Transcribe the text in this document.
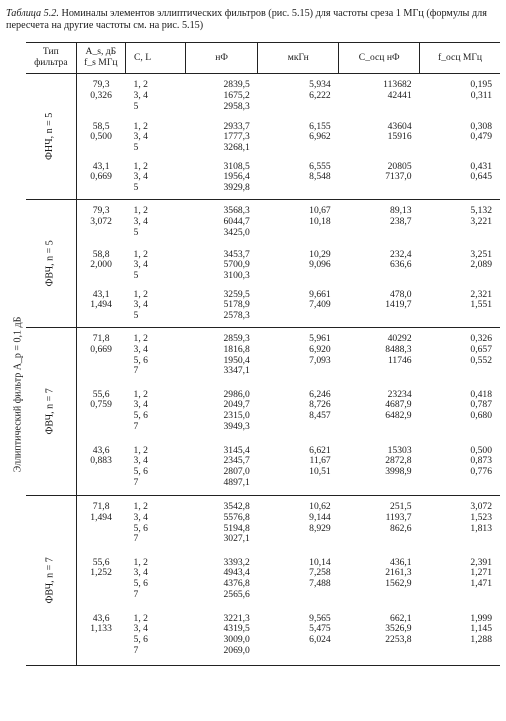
Таблица 5.2. Номиналы элементов эллиптических фильтров (рис. 5.15) для частоты среза 1 МГц (формулы для пересчета на другие частоты см. на рис. 5.15)
Эллиптический фильтр А_p = 0,1 дБ
Тип фильтра	A_s, дБ f_s МГц	C, L	нФ	мкГн	C_осц нФ	f_осц МГц
ФНЧ, n = 5	79,3
0,326	1, 2
3, 4
5	2839,5
1675,2
2958,3	5,934
6,222	113682
42441	0,195
0,311
	58,5
0,500	1, 2
3, 4
5	2933,7
1777,3
3268,1	6,155
6,962	43604
15916	0,308
0,479
	43,1
0,669	1, 2
3, 4
5	3108,5
1956,4
3929,8	6,555
8,548	20805
7137,0	0,431
0,645
ФВЧ, n = 5	79,3
3,072	1, 2
3, 4
5	3568,3
6044,7
3425,0	10,67
10,18	89,13
238,7	5,132
3,221
	58,8
2,000	1, 2
3, 4
5	3453,7
5700,9
3100,3	10,29
9,096	232,4
636,6	3,251
2,089
	43,1
1,494	1, 2
3, 4
5	3259,5
5178,9
2578,3	9,661
7,409	478,0
1419,7	2,321
1,551
ФВЧ, n = 7	71,8
0,669	1, 2
3, 4
5, 6
7	2859,3
1816,8
1950,4
3347,1	5,961
6,920
7,093	40292
8488,3
11746	0,326
0,657
0,552
	55,6
0,759	1, 2
3, 4
5, 6
7	2986,0
2049,7
2315,0
3949,3	6,246
8,726
8,457	23234
4687,9
6482,9	0,418
0,787
0,680
	43,6
0,883	1, 2
3, 4
5, 6
7	3145,4
2345,7
2807,0
4897,1	6,621
11,67
10,51	15303
2872,8
3998,9	0,500
0,873
0,776
ФВЧ, n = 7	71,8
1,494	1, 2
3, 4
5, 6
7	3542,8
5576,8
5194,8
3027,1	10,62
9,144
8,929	251,5
1193,7
862,6	3,072
1,523
1,813
	55,6
1,252	1, 2
3, 4
5, 6
7	3393,2
4943,4
4376,8
2565,6	10,14
7,258
7,488	436,1
2161,3
1562,9	2,391
1,271
1,471
	43,6
1,133	1, 2
3, 4
5, 6
7	3221,3
4319,5
3009,0
2069,0	9,565
5,475
6,024	662,1
3526,9
2253,8	1,999
1,145
1,288
